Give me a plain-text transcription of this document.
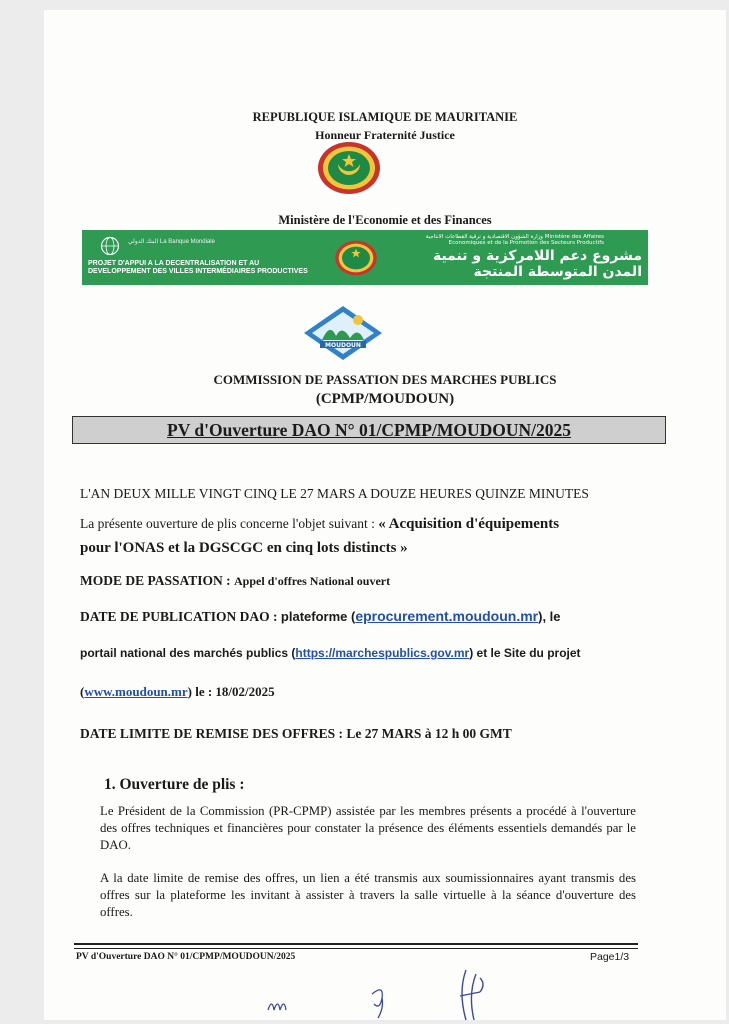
REPUBLIQUE ISLAMIQUE DE MAURITANIE
Honneur Fraternité Justice
Ministère de l'Economie et des Finances
البنك الدولي La Banque Mondiale
PROJET D'APPUI A LA DECENTRALISATION ET AU DEVELOPPEMENT DES VILLES INTERMÉDIAIRES PRODUCTIVES
وزارة الشؤون الاقتصادية و ترقية القطاعات الانتاجية Ministère des Affaires Economiques et de la Promotion des Secteurs Productifs
مشروع دعم اللامركزية و تنمية المدن المتوسطة المنتجة
MOUDOUN
COMMISSION DE PASSATION DES MARCHES PUBLICS
(CPMP/MOUDOUN)
PV d'Ouverture DAO N° 01/CPMP/MOUDOUN/2025
L'AN DEUX MILLE VINGT CINQ LE 27 MARS A DOUZE HEURES QUINZE MINUTES
La présente ouverture de plis concerne l'objet suivant : « Acquisition d'équipements
pour l'ONAS et la DGSCGC en cinq lots distincts »
MODE DE PASSATION : Appel d'offres National ouvert
DATE DE PUBLICATION DAO : plateforme (eprocurement.moudoun.mr), le
portail national des marchés publics (https://marchespublics.gov.mr) et le Site du projet
(www.moudoun.mr) le : 18/02/2025
DATE LIMITE DE REMISE DES OFFRES : Le 27 MARS à 12 h 00 GMT
1. Ouverture de plis :
Le Président de la Commission (PR-CPMP) assistée par les membres présents a procédé à l'ouverture des offres techniques et financières pour constater la présence des éléments essentiels demandés par le DAO.
A la date limite de remise des offres, un lien a été transmis aux soumissionnaires ayant transmis des offres sur la plateforme les invitant à assister à travers la salle virtuelle à la séance d'ouverture des offres.
PV d'Ouverture DAO N° 01/CPMP/MOUDOUN/2025	Page1/3
